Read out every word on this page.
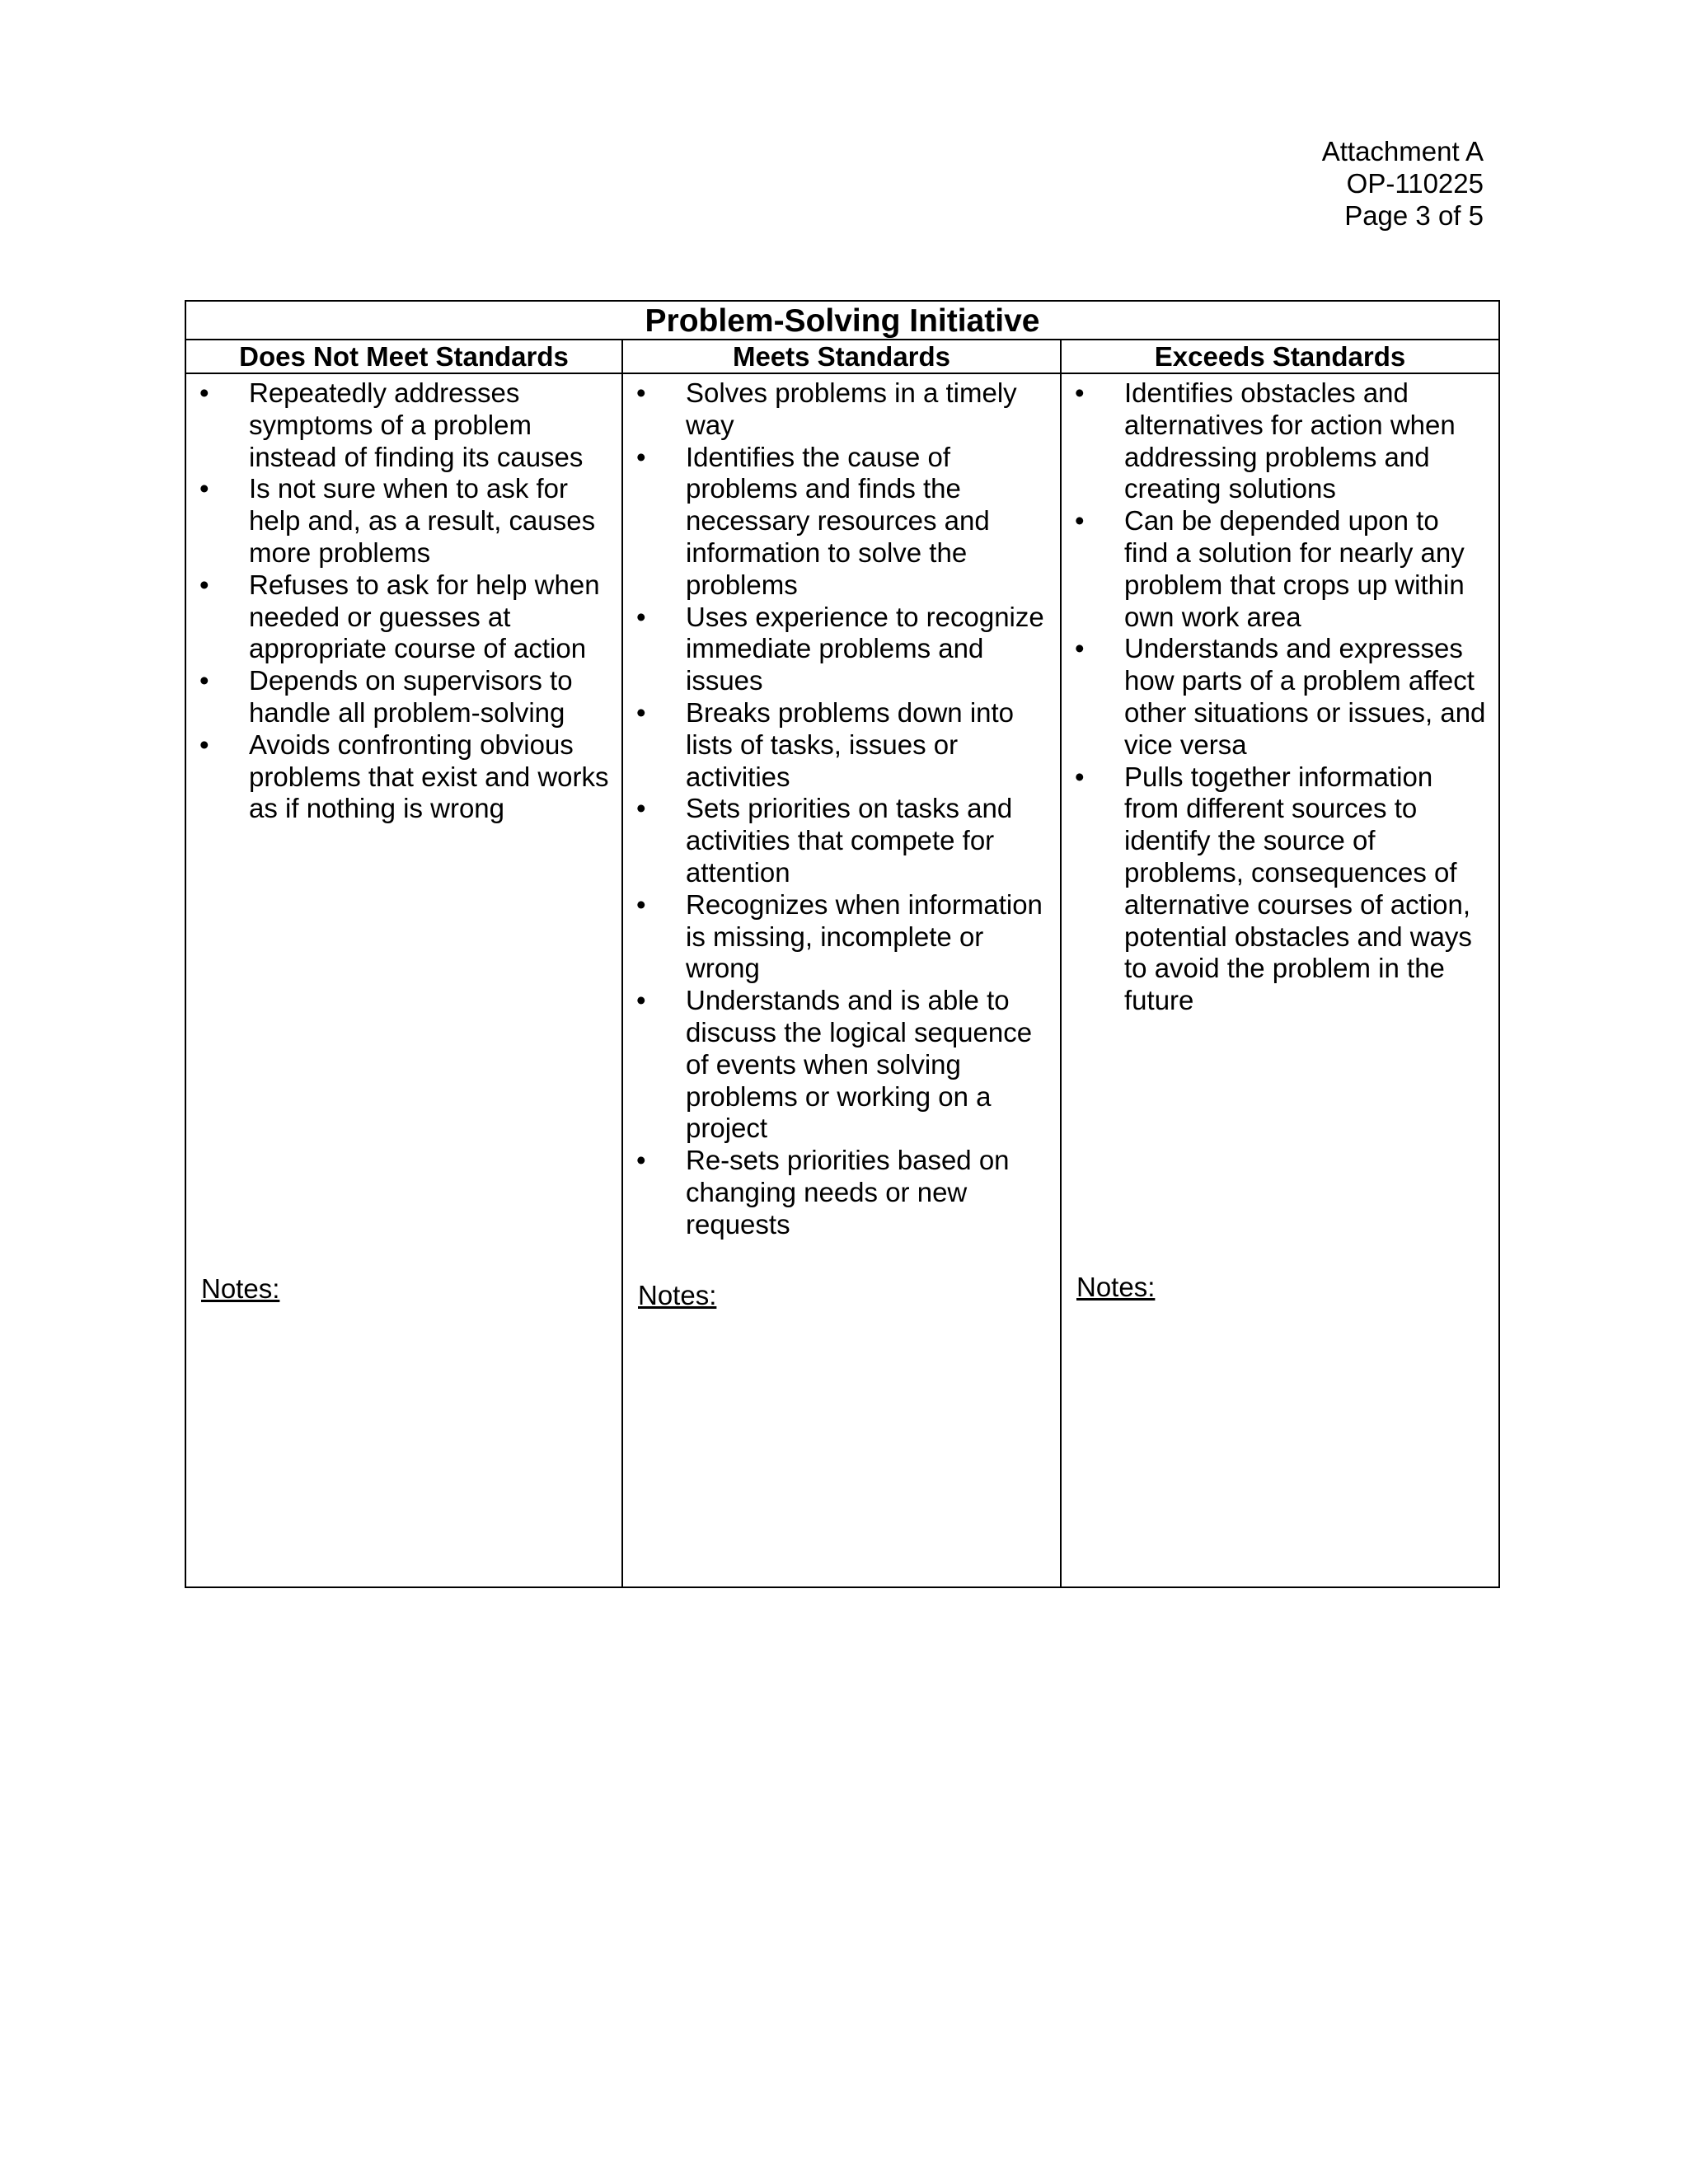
Attachment A
OP-110225
Page 3 of 5
Problem-Solving Initiative
Does Not Meet Standards	Meets Standards	Exceeds Standards
• Repeatedly addresses symptoms of a problem instead of finding its causes
• Is not sure when to ask for help and, as a result, causes more problems
• Refuses to ask for help when needed or guesses at appropriate course of action
• Depends on supervisors to handle all problem-solving
• Avoids confronting obvious problems that exist and works as if nothing is wrong
Notes:
• Solves problems in a timely way
• Identifies the cause of problems and finds the necessary resources and information to solve the problems
• Uses experience to recognize immediate problems and issues
• Breaks problems down into lists of tasks, issues or activities
• Sets priorities on tasks and activities that compete for attention
• Recognizes when information is missing, incomplete or wrong
• Understands and is able to discuss the logical sequence of events when solving problems or working on a project
• Re-sets priorities based on changing needs or new requests
Notes:
• Identifies obstacles and alternatives for action when addressing problems and creating solutions
• Can be depended upon to find a solution for nearly any problem that crops up within own work area
• Understands and expresses how parts of a problem affect other situations or issues, and vice versa
• Pulls together information from different sources to identify the source of problems, consequences of alternative courses of action, potential obstacles and ways to avoid the problem in the future
Notes:
